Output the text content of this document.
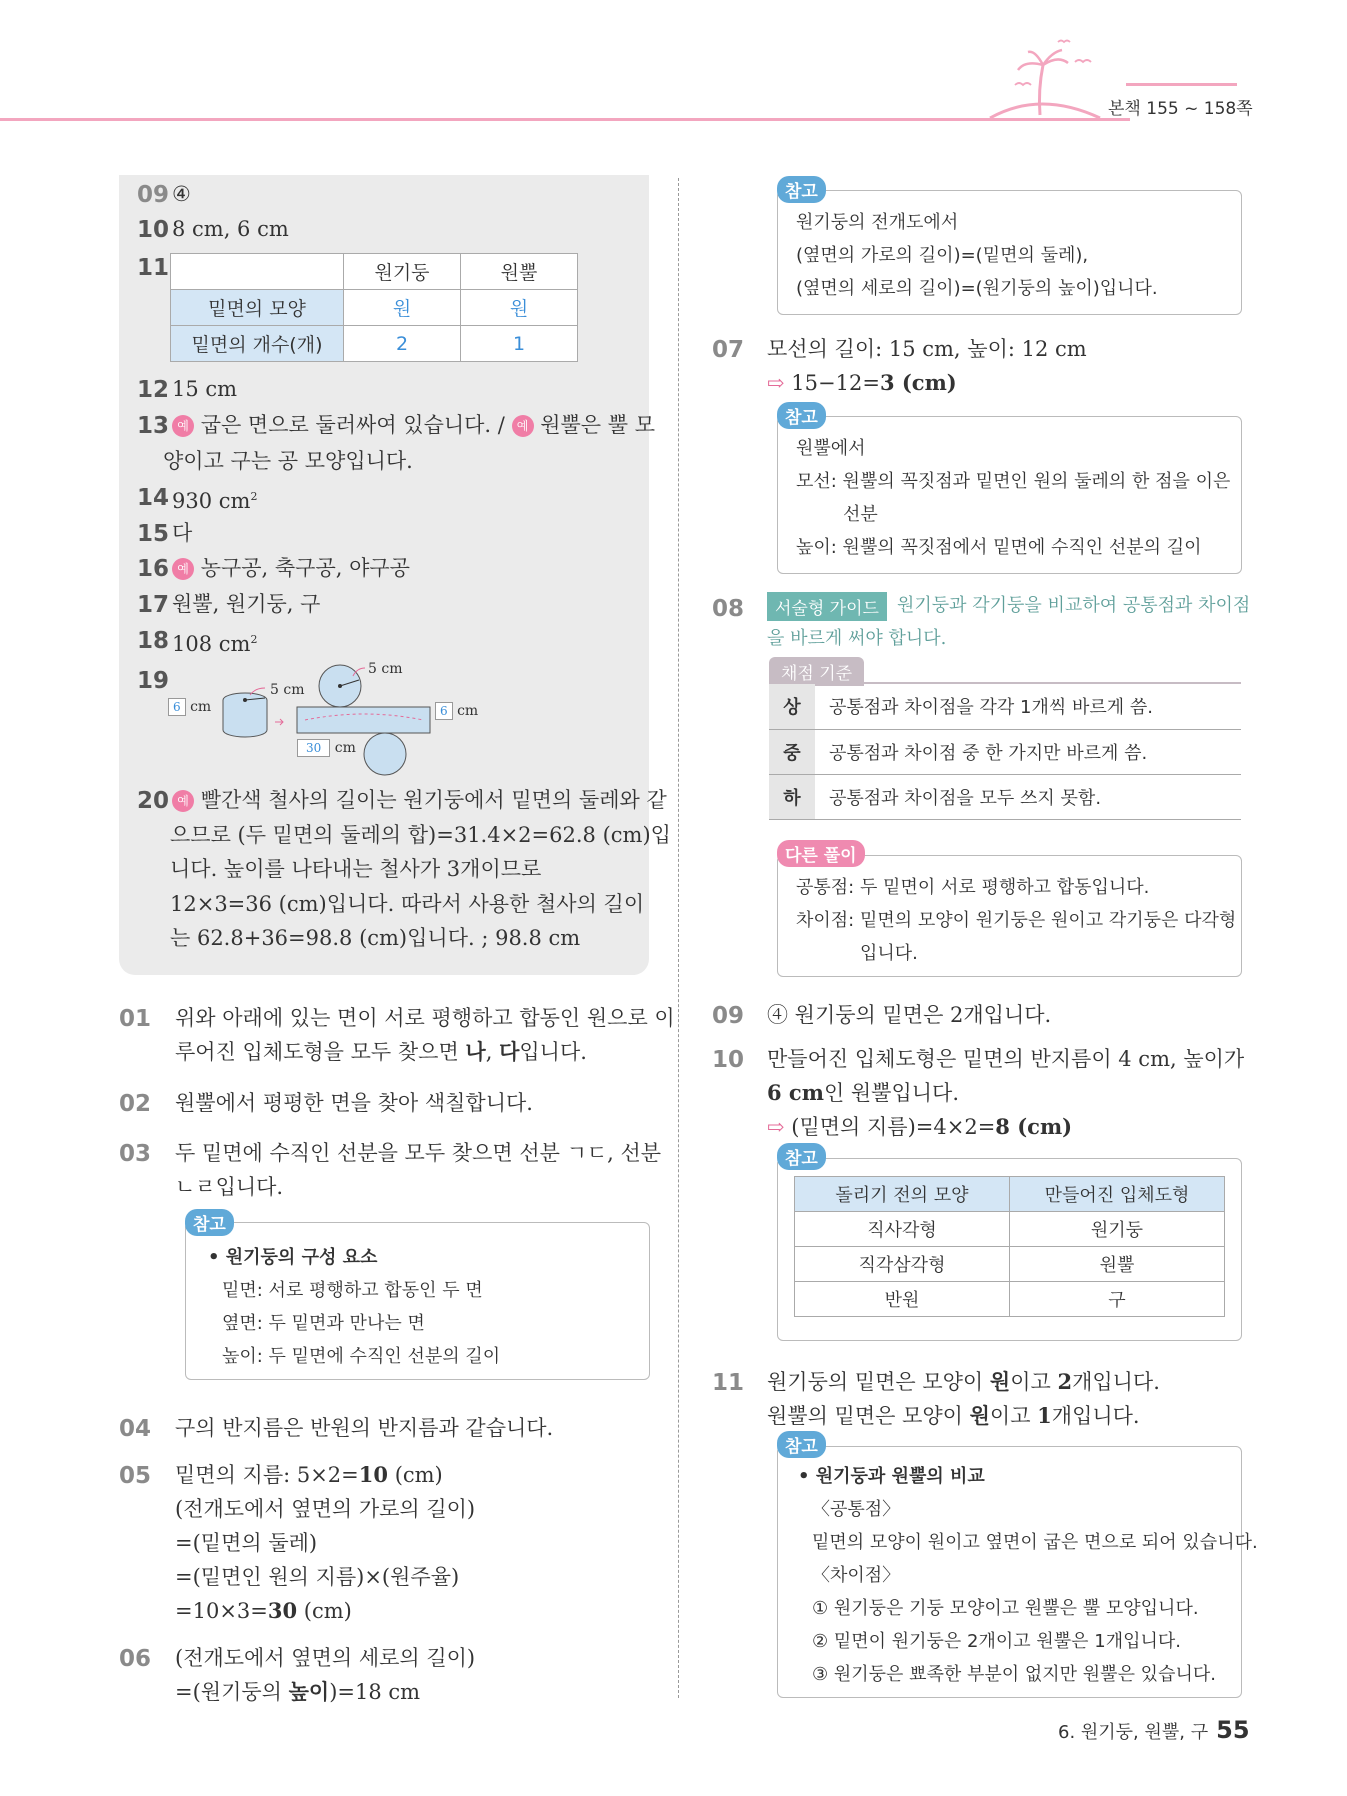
본책 155 ~ 158쪽
09 ④
10 8 cm, 6 cm
11
		원기둥	원뿔
밑면의 모양	원	원
밑면의 개수(개)	2	1
12 15 cm
13 예 굽은 면으로 둘러싸여 있습니다. / 예 원뿔은 뿔 모
양이고 구는 공 모양입니다.
14 930 $cm^2$
15 다
16 예 농구공, 축구공, 야구공
17 원뿔, 원기둥, 구
18 108 $cm^2$
19
6 cm
5 cm
5 cm
6 cm
30 cm
20 예 빨간색 철사의 길이는 원기둥에서 밑면의 둘레와 같
으므로 (두 밑면의 둘레의 합)=31.4×2=62.8 (cm)입
니다. 높이를 나타내는 철사가 3개이므로
12×3=36 (cm)입니다. 따라서 사용한 철사의 길이
는 62.8+36=98.8 (cm)입니다. ; 98.8 cm
01 위와 아래에 있는 면이 서로 평행하고 합동인 원으로 이
루어진 입체도형을 모두 찾으면 나, 다입니다.
02 원뿔에서 평평한 면을 찾아 색칠합니다.
03 두 밑면에 수직인 선분을 모두 찾으면 선분 ㄱㄷ, 선분
ㄴㄹ입니다.
참고
• 원기둥의 구성 요소
밑면: 서로 평행하고 합동인 두 면
옆면: 두 밑면과 만나는 면
높이: 두 밑면에 수직인 선분의 길이
04 구의 반지름은 반원의 반지름과 같습니다.
05 밑면의 지름: 5×2=10 (cm)
(전개도에서 옆면의 가로의 길이)
=(밑면의 둘레)
=(밑면인 원의 지름)×(원주율)
=10×3=30 (cm)
06 (전개도에서 옆면의 세로의 길이)
=(원기둥의 높이)=18 cm
참고
원기둥의 전개도에서
(옆면의 가로의 길이)=(밑면의 둘레),
(옆면의 세로의 길이)=(원기둥의 높이)입니다.
07 모선의 길이: 15 cm, 높이: 12 cm
⇨ 15−12=3 (cm)
참고
원뿔에서
모선: 원뿔의 꼭짓점과 밑면인 원의 둘레의 한 점을 이은
선분
높이: 원뿔의 꼭짓점에서 밑면에 수직인 선분의 길이
08	서술형 가이드	원기둥과 각기둥을 비교하여 공통점과 차이점
을 바르게 써야 합니다.
채점 기준
상	공통점과 차이점을 각각 1개씩 바르게 씀.
중	공통점과 차이점 중 한 가지만 바르게 씀.
하	공통점과 차이점을 모두 쓰지 못함.
다른 풀이
공통점: 두 밑면이 서로 평행하고 합동입니다.
차이점: 밑면의 모양이 원기둥은 원이고 각기둥은 다각형
입니다.
09 ④ 원기둥의 밑면은 2개입니다.
10 만들어진 입체도형은 밑면의 반지름이 4 cm, 높이가
6 cm인 원뿔입니다.
⇨ (밑면의 지름)=4×2=8 (cm)
참고
돌리기 전의 모양	만들어진 입체도형
직사각형	원기둥
직각삼각형	원뿔
반원	구
11 원기둥의 밑면은 모양이 원이고 2개입니다.
원뿔의 밑면은 모양이 원이고 1개입니다.
참고
• 원기둥과 원뿔의 비교
〈공통점〉
밑면의 모양이 원이고 옆면이 굽은 면으로 되어 있습니다.
〈차이점〉
① 원기둥은 기둥 모양이고 원뿔은 뿔 모양입니다.
② 밑면이 원기둥은 2개이고 원뿔은 1개입니다.
③ 원기둥은 뾰족한 부분이 없지만 원뿔은 있습니다.
6. 원기둥, 원뿔, 구 55
